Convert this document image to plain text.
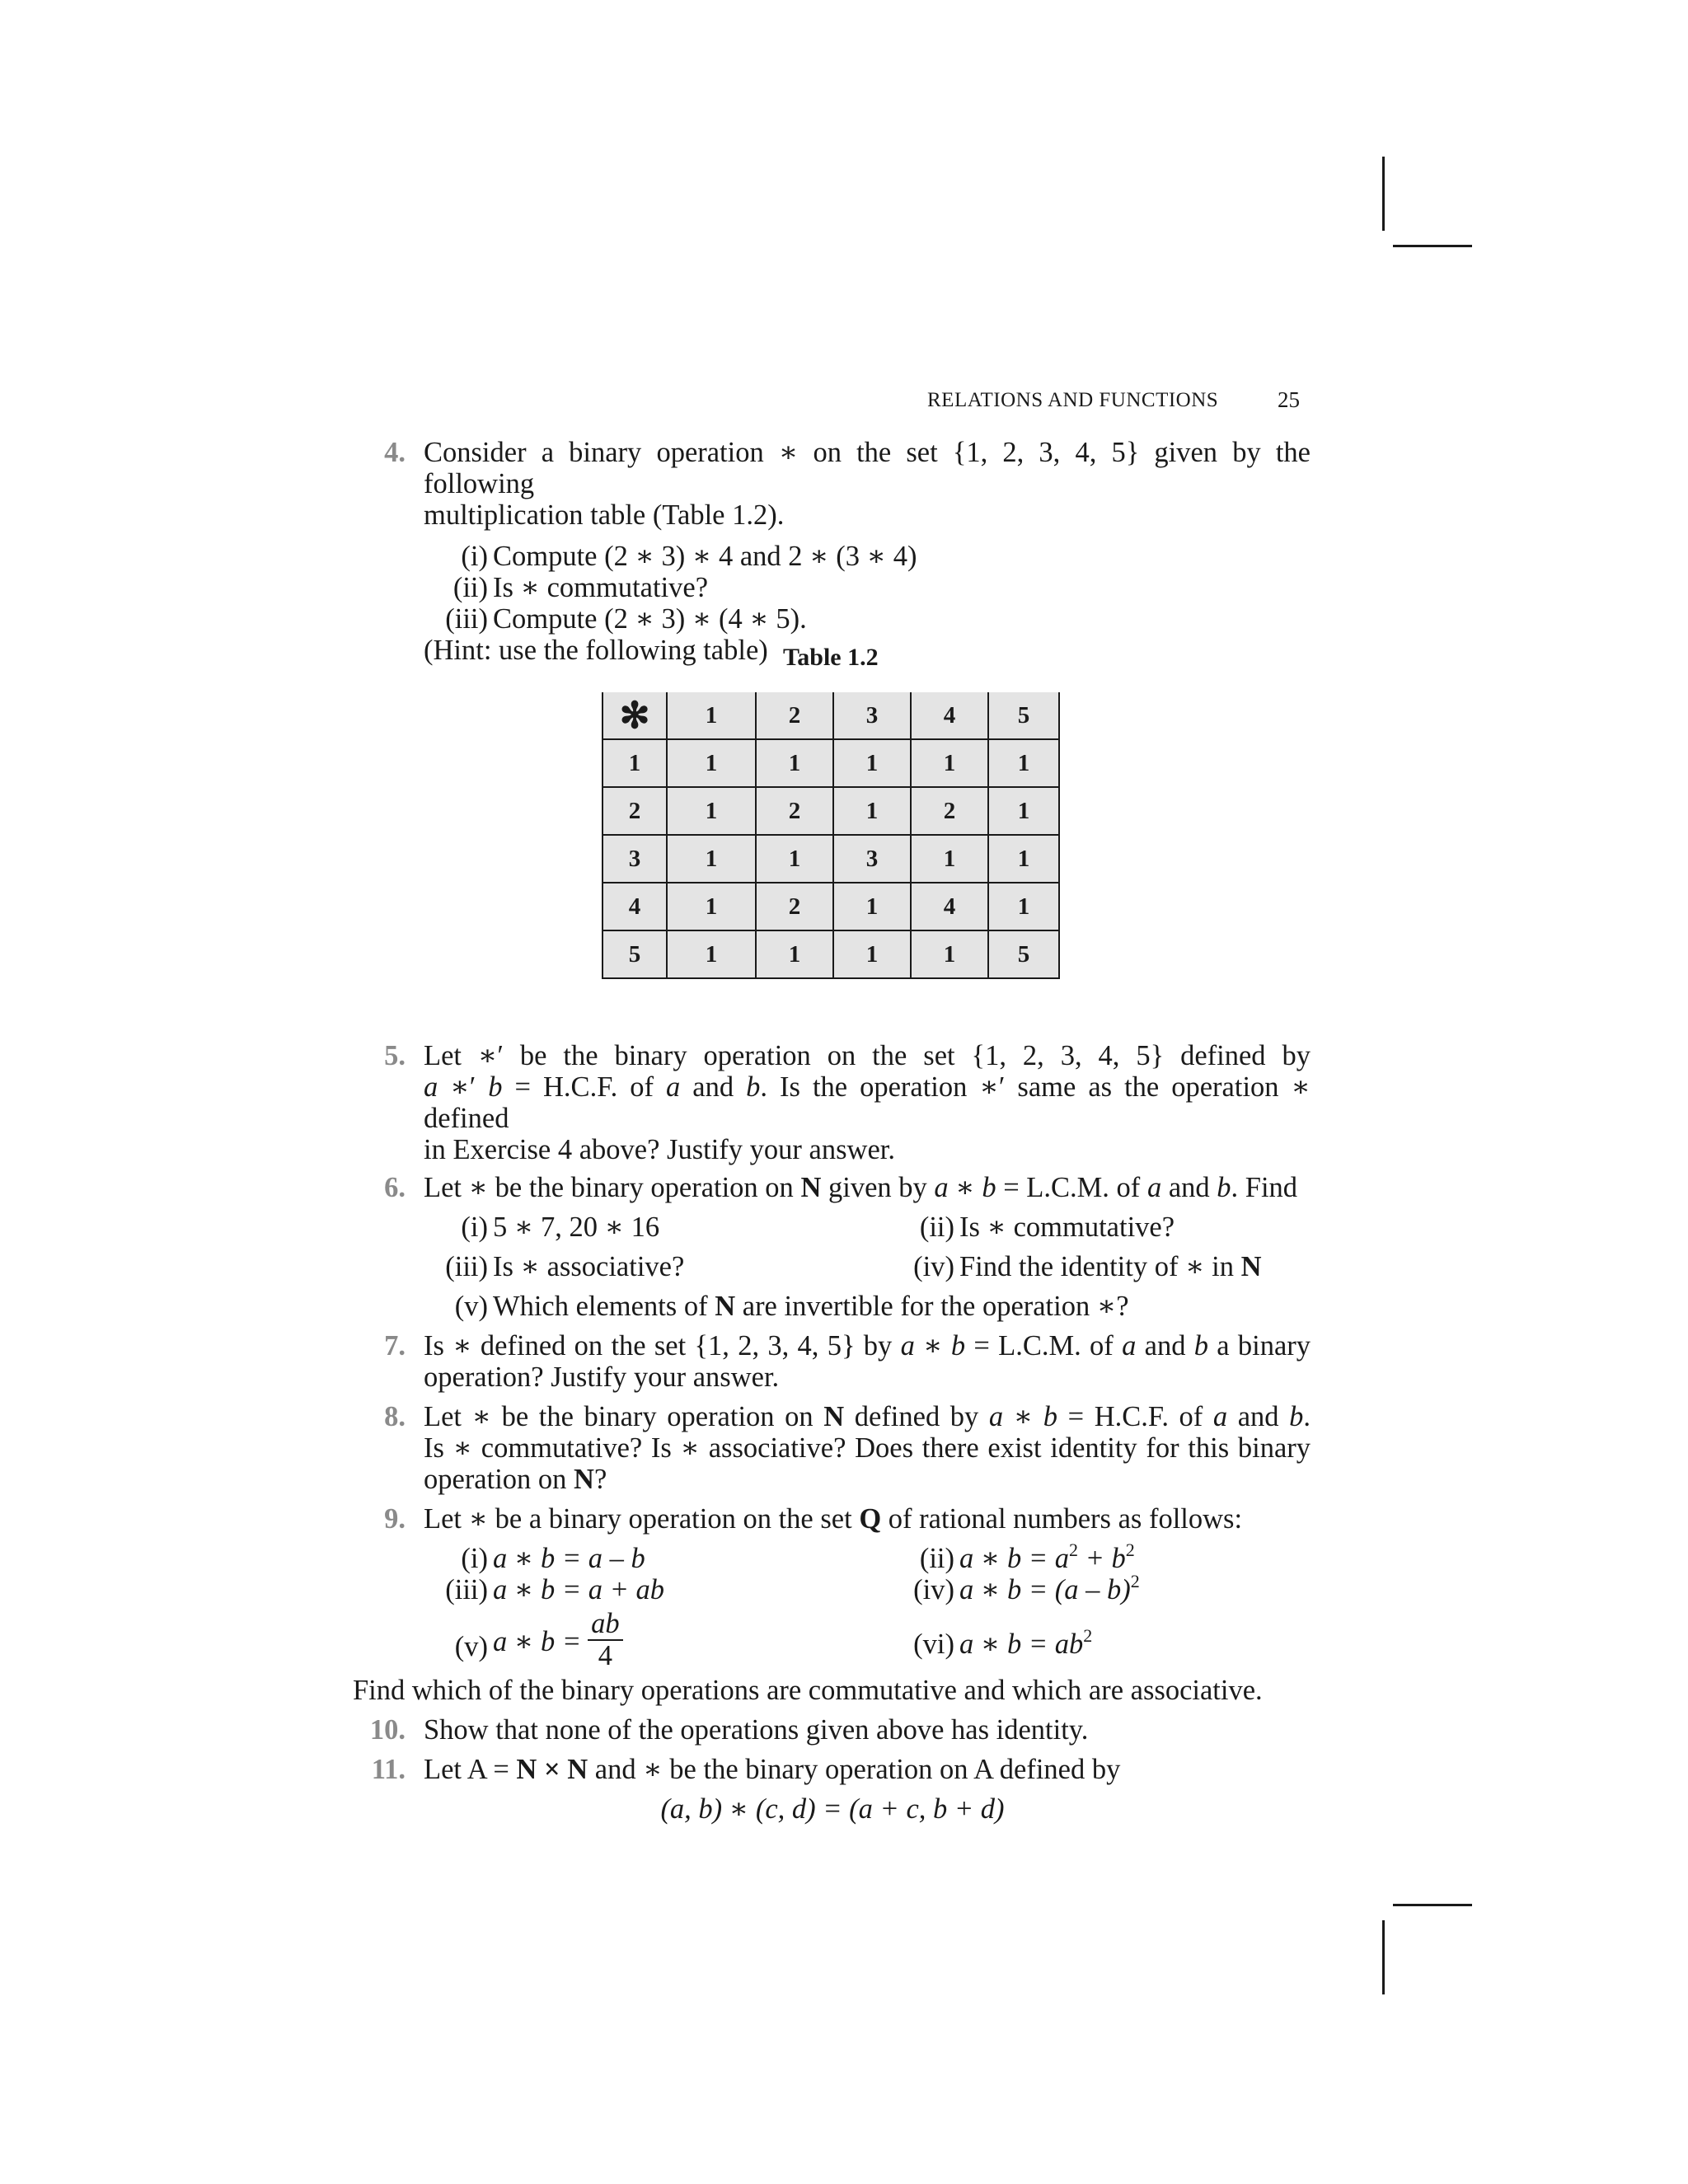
RELATIONS AND FUNCTIONS	25
Table 1.2
✻	1	2	3	4	5
1	1	1	1	1	1
2	1	2	1	2	1
3	1	1	3	1	1
4	1	2	1	4	1
5	1	1	1	1	5
4. Consider a binary operation ∗ on the set {1, 2, 3, 4, 5} given by the following
multiplication table (Table 1.2).
(i) Compute (2 ∗ 3) ∗ 4 and 2 ∗ (3 ∗ 4)
(ii) Is ∗ commutative?
(iii) Compute (2 ∗ 3) ∗ (4 ∗ 5).
(Hint: use the following table)
5. Let ∗′ be the binary operation on the set {1, 2, 3, 4, 5} defined by
a ∗′ b = H.C.F. of a and b. Is the operation ∗′ same as the operation ∗ defined
in Exercise 4 above? Justify your answer.
6. Let ∗ be the binary operation on N given by a ∗ b = L.C.M. of a and b. Find
(i) 5 ∗ 7, 20 ∗ 16	(ii) Is ∗ commutative?
(iii) Is ∗ associative?	(iv) Find the identity of ∗ in N
(v) Which elements of N are invertible for the operation ∗?
7. Is ∗ defined on the set {1, 2, 3, 4, 5} by a ∗ b = L.C.M. of a and b a binary
operation? Justify your answer.
8. Let ∗ be the binary operation on N defined by a ∗ b = H.C.F. of a and b.
Is ∗ commutative? Is ∗ associative? Does there exist identity for this binary
operation on N?
9. Let ∗ be a binary operation on the set Q of rational numbers as follows:
(i) a ∗ b = a – b	(ii) a ∗ $b = a^2 + b^2$
(iii) a ∗ b = a + ab	(iv) a ∗ b = (a – b)$^2$
(v) a ∗ $b = \frac{ab}{4}$	(vi) a ∗ $b = ab^2$
Find which of the binary operations are commutative and which are associative.
10. Show that none of the operations given above has identity.
11. Let A = N × N and ∗ be the binary operation on A defined by
(a, b) ∗ (c, d) = (a + c, b + d)
